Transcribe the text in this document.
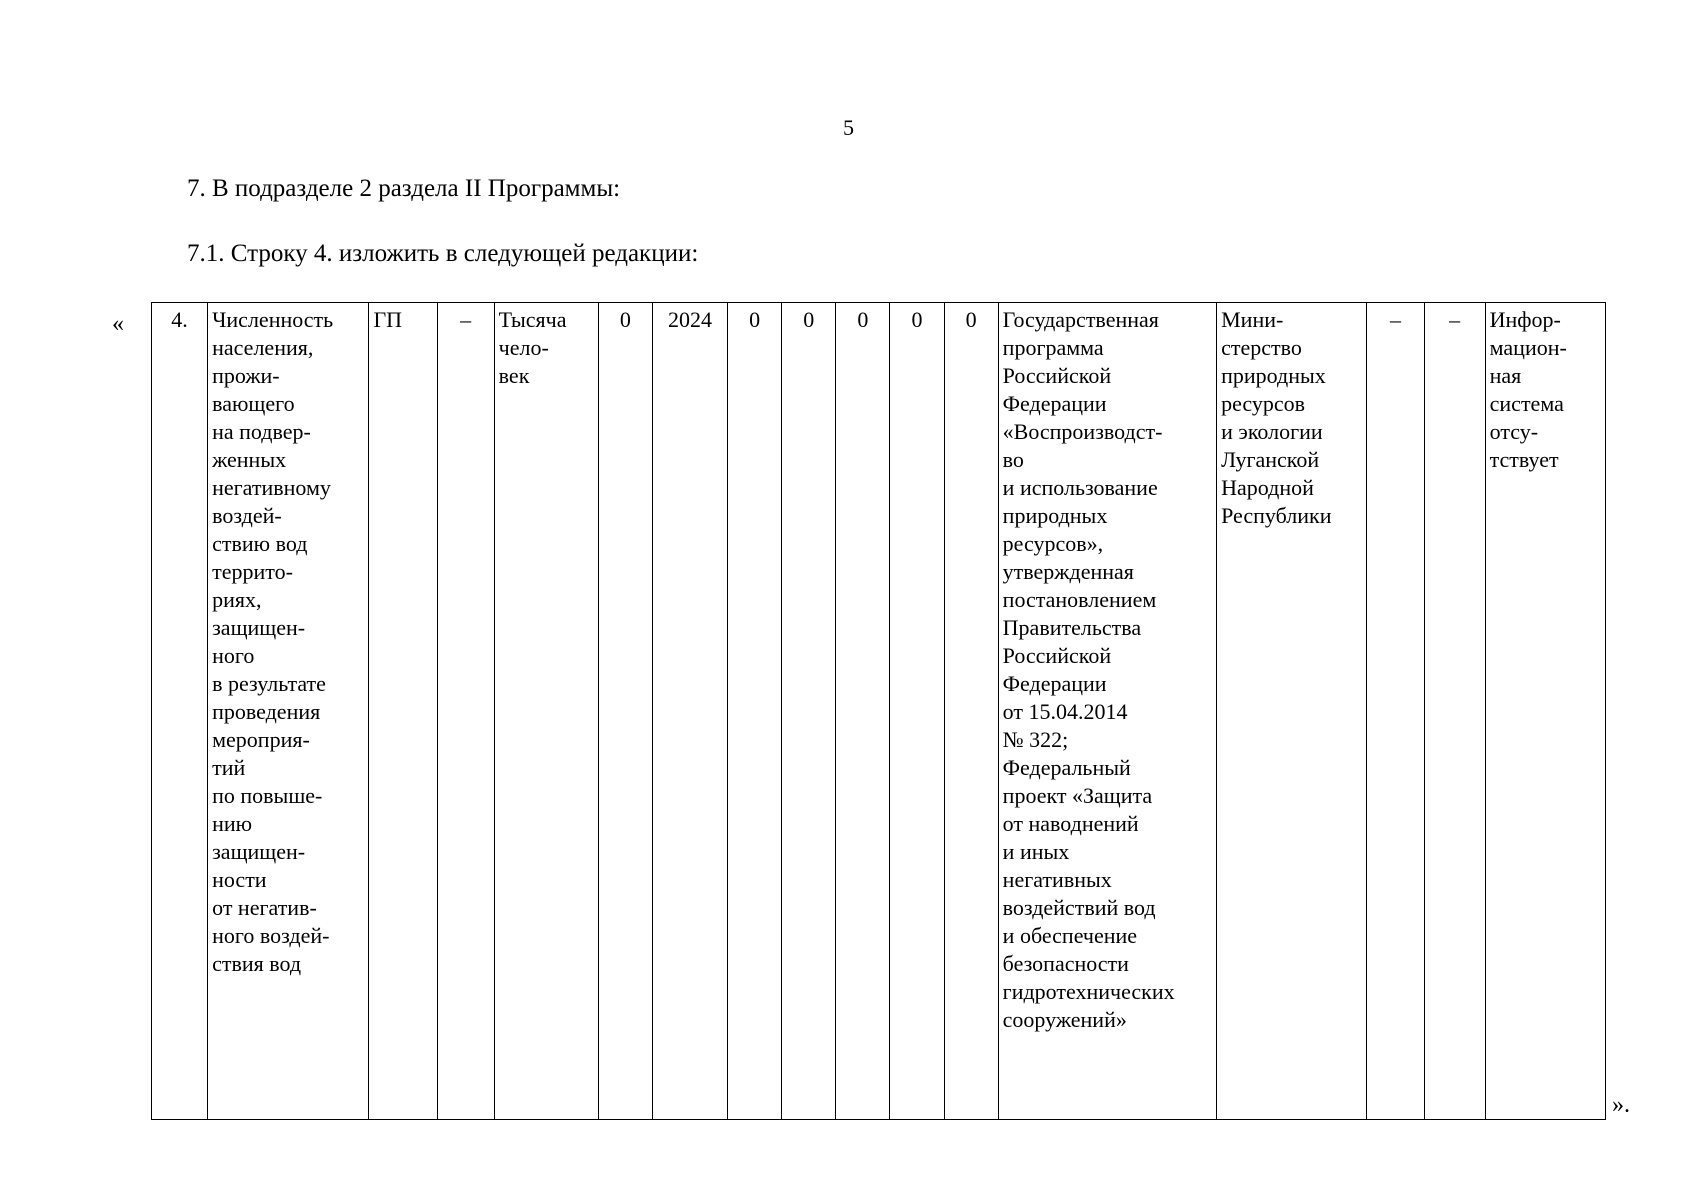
5
7. В подразделе 2 раздела II Программы:
7.1. Строку 4. изложить в следующей редакции:
« 4.	Численность
населения,
прожи-
вающего
на подвер-
женных
негативному
воздей-
ствию вод
террито-
риях,
защищен-
ного
в результате
проведения
мероприя-
тий
по повыше-
нию
защищен-
ности
от негатив-
ного воздей-
ствия вод	ГП	–	Тысяча
чело-
век	0	2024	0	0	0	0	0	Государственная
программа
Российской
Федерации
«Воспроизводст-
во
и использование
природных
ресурсов»,
утвержденная
постановлением
Правительства
Российской
Федерации
от 15.04.2014
№ 322;
Федеральный
проект «Защита
от наводнений
и иных
негативных
воздействий вод
и обеспечение
безопасности
гидротехнических
сооружений»	Мини-
стерство
природных
ресурсов
и экологии
Луганской
Народной
Республики	–	–	Инфор-
мацион-
ная
система
отсу-
тствует
».
